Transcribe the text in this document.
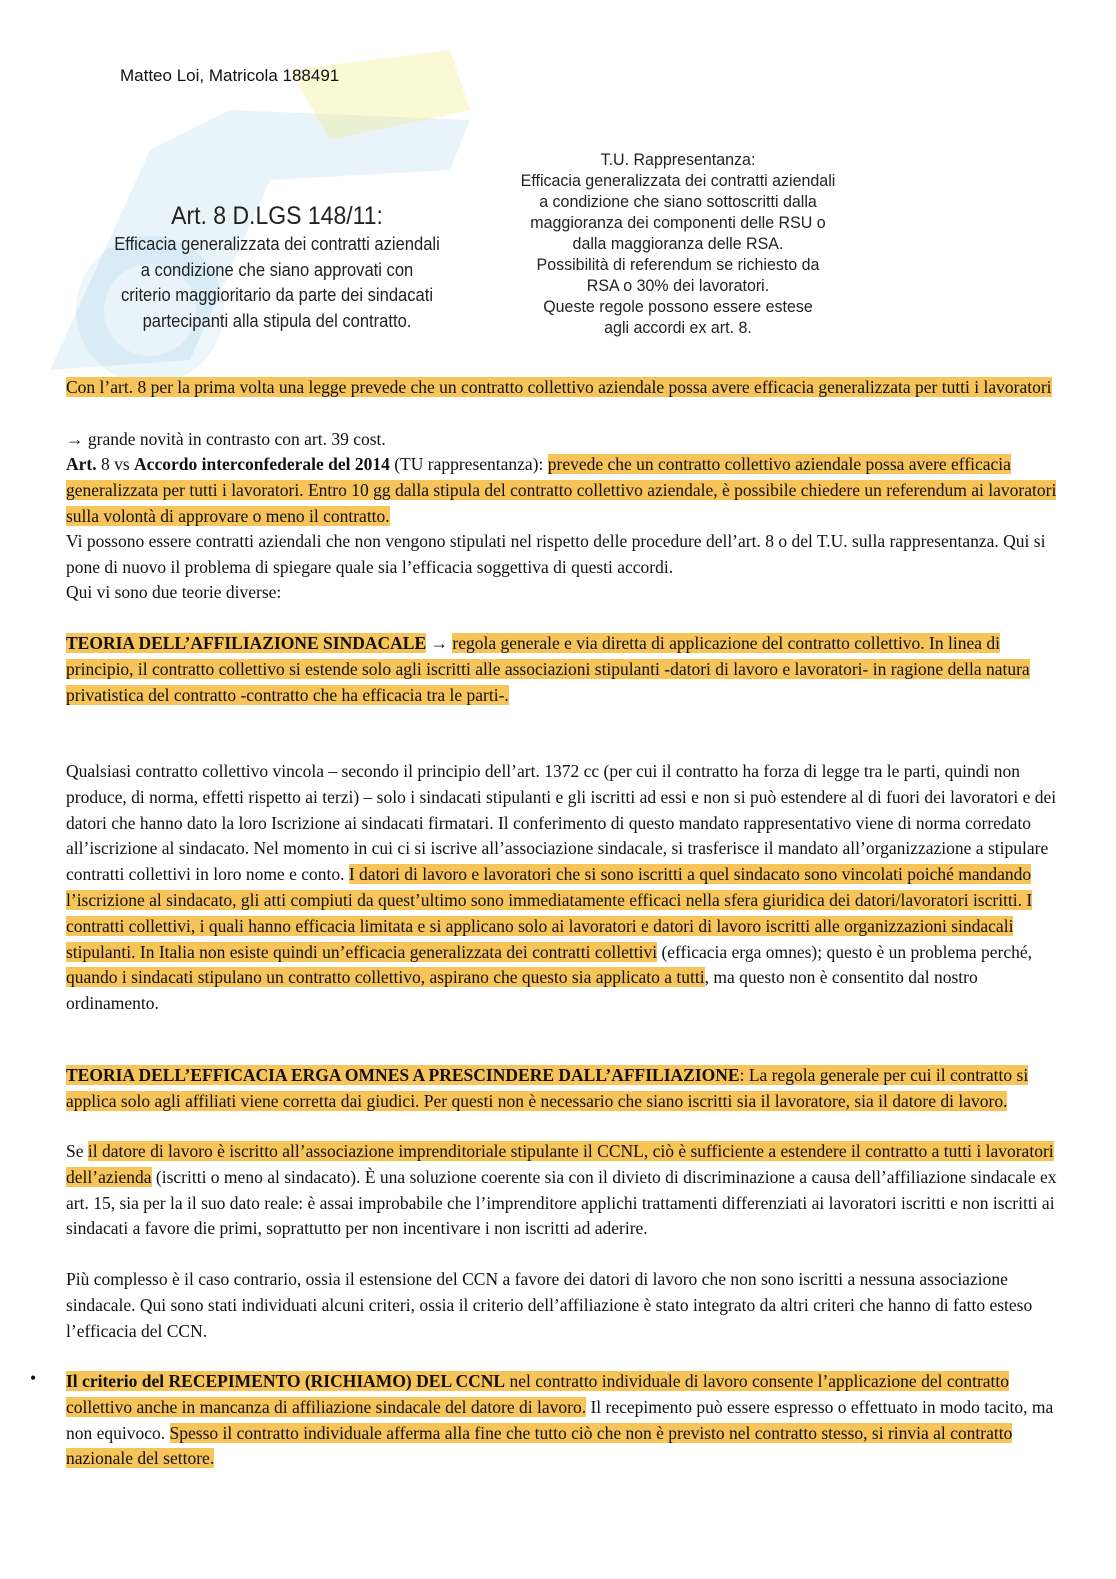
Matteo Loi, Matricola 188491
Art. 8 D.LGS 148/11:
Efficacia generalizzata dei contratti aziendali
a condizione che siano approvati con
criterio maggioritario da parte dei sindacati
partecipanti alla stipula del contratto.
T.U. Rappresentanza:
Efficacia generalizzata dei contratti aziendali
a condizione che siano sottoscritti dalla
maggioranza dei componenti delle RSU o
dalla maggioranza delle RSA.
Possibilità di referendum se richiesto da
RSA o 30% dei lavoratori.
Queste regole possono essere estese
agli accordi ex art. 8.

Con l’art. 8 per la prima volta una legge prevede che un contratto collettivo aziendale possa avere efficacia generalizzata per tutti i lavoratori

→ grande novità in contrasto con art. 39 cost.

Art. 8 vs Accordo interconfederale del 2014 (TU rappresentanza): prevede che un contratto collettivo aziendale possa avere efficacia generalizzata per tutti i lavoratori. Entro 10 gg dalla stipula del contratto collettivo aziendale, è possibile chiedere un referendum ai lavoratori sulla volontà di approvare o meno il contratto.

Vi possono essere contratti aziendali che non vengono stipulati nel rispetto delle procedure dell’art. 8 o del T.U. sulla rappresentanza. Qui si pone di nuovo il problema di spiegare quale sia l’efficacia soggettiva di questi accordi.

Qui vi sono due teorie diverse:

TEORIA DELL’AFFILIAZIONE SINDACALE → regola generale e via diretta di applicazione del contratto collettivo. In linea di principio, il contratto collettivo si estende solo agli iscritti alle associazioni stipulanti -datori di lavoro e lavoratori- in ragione della natura privatistica del contratto -contratto che ha efficacia tra le parti-.

Qualsiasi contratto collettivo vincola – secondo il principio dell’art. 1372 cc (per cui il contratto ha forza di legge tra le parti, quindi non produce, di norma, effetti rispetto ai terzi) – solo i sindacati stipulanti e gli iscritti ad essi e non si può estendere al di fuori dei lavoratori e dei datori che hanno dato la loro Iscrizione ai sindacati firmatari. Il conferimento di questo mandato rappresentativo viene di norma corredato all’iscrizione al sindacato. Nel momento in cui ci si iscrive all’associazione sindacale, si trasferisce il mandato all’organizzazione a stipulare contratti collettivi in loro nome e conto. I datori di lavoro e lavoratori che si sono iscritti a quel sindacato sono vincolati poiché mandando l’iscrizione al sindacato, gli atti compiuti da quest’ultimo sono immediatamente efficaci nella sfera giuridica dei datori/lavoratori iscritti. I contratti collettivi, i quali hanno efficacia limitata e si applicano solo ai lavoratori e datori di lavoro iscritti alle organizzazioni sindacali stipulanti. In Italia non esiste quindi un’efficacia generalizzata dei contratti collettivi (efficacia erga omnes); questo è un problema perché, quando i sindacati stipulano un contratto collettivo, aspirano che questo sia applicato a tutti, ma questo non è consentito dal nostro ordinamento.

TEORIA DELL’EFFICACIA ERGA OMNES A PRESCINDERE DALL’AFFILIAZIONE: La regola generale per cui il contratto si applica solo agli affiliati viene corretta dai giudici. Per questi non è necessario che siano iscritti sia il lavoratore, sia il datore di lavoro.

Se il datore di lavoro è iscritto all’associazione imprenditoriale stipulante il CCNL, ciò è sufficiente a estendere il contratto a tutti i lavoratori dell’azienda (iscritti o meno al sindacato). È una soluzione coerente sia con il divieto di discriminazione a causa dell’affiliazione sindacale ex art. 15, sia per la il suo dato reale: è assai improbabile che l’imprenditore applichi trattamenti differenziati ai lavoratori iscritti e non iscritti ai sindacati a favore die primi, soprattutto per non incentivare i non iscritti ad aderire.

Più complesso è il caso contrario, ossia il estensione del CCN a favore dei datori di lavoro che non sono iscritti a nessuna associazione sindacale. Qui sono stati individuati alcuni criteri, ossia il criterio dell’affiliazione è stato integrato da altri criteri che hanno di fatto esteso l’efficacia del CCN.

• Il criterio del RECEPIMENTO (RICHIAMO) DEL CCNL nel contratto individuale di lavoro consente l’applicazione del contratto collettivo anche in mancanza di affiliazione sindacale del datore di lavoro. Il recepimento può essere espresso o effettuato in modo tacito, ma non equivoco. Spesso il contratto individuale afferma alla fine che tutto ciò che non è previsto nel contratto stesso, si rinvia al contratto nazionale del settore.
